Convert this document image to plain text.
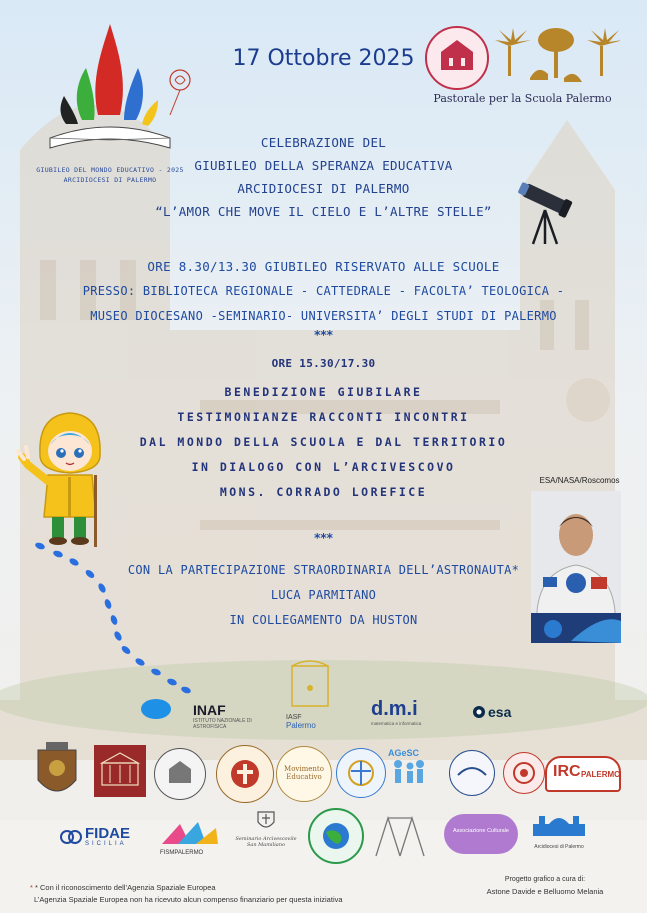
GIUBILEO DEL MONDO EDUCATIVO - 2025
ARCIDIOCESI DI PALERMO
17 Ottobre 2025
Pastorale per la Scuola Palermo
CELEBRAZIONE DEL
GIUBILEO DELLA SPERANZA EDUCATIVA
ARCIDIOCESI DI PALERMO
“L’AMOR CHE MOVE IL CIELO E L’ALTRE STELLE”
ORE 8.30/13.30 GIUBILEO RISERVATO ALLE SCUOLE
PRESSO: BIBLIOTECA REGIONALE - CATTEDRALE - FACOLTA’ TEOLOGICA -
MUSEO DIOCESANO -SEMINARIO- UNIVERSITA’ DEGLI STUDI DI PALERMO
***
ORE 15.30/17.30
BENEDIZIONE GIUBILARE
TESTIMONIANZE RACCONTI INCONTRI
DAL MONDO DELLA SCUOLA E DAL TERRITORIO
IN DIALOGO CON L’ARCIVESCOVO
MONS. CORRADO LOREFICE
ESA/NASA/Roscomos
***
CON LA PARTECIPAZIONE STRAORDINARIA DELL’ASTRONAUTA*
LUCA PARMITANO
IN COLLEGAMENTO DA HUSTON
INAF
ISTITUTO NAZIONALE DI ASTROFISICA
IASF
Palermo
d.m.i
matematica e informatica
esa
Movimento Educativo
AGeSC
IRC PALERMO
FIDAE
SICILIA
FISMPALERMO
Seminario Arcivescovile
San Mamiliano
Associazione Culturale
Arcidiocesi di Palermo
* * Con il riconoscimento dell’Agenzia Spaziale Europea
L’Agenzia Spaziale Europea non ha ricevuto alcun compenso finanziario per questa iniziativa
Progetto grafico a cura di:
Astone Davide e Belluomo Melania
